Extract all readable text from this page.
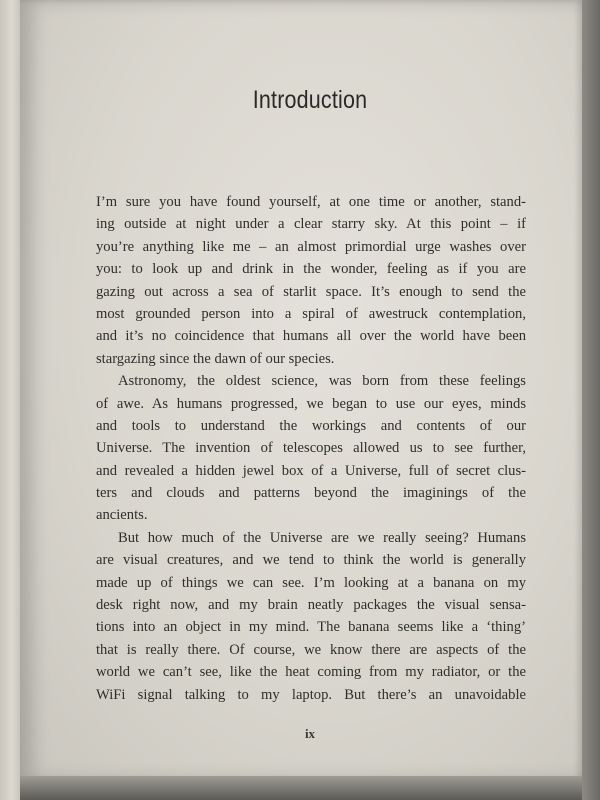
Introduction
I’m sure you have found yourself, at one time or another, stand-
ing outside at night under a clear starry sky. At this point – if
you’re anything like me – an almost primordial urge washes over
you: to look up and drink in the wonder, feeling as if you are
gazing out across a sea of starlit space. It’s enough to send the
most grounded person into a spiral of awestruck contemplation,
and it’s no coincidence that humans all over the world have been
stargazing since the dawn of our species.
Astronomy, the oldest science, was born from these feelings
of awe. As humans progressed, we began to use our eyes, minds
and tools to understand the workings and contents of our
Universe. The invention of telescopes allowed us to see further,
and revealed a hidden jewel box of a Universe, full of secret clus-
ters and clouds and patterns beyond the imaginings of the
ancients.
But how much of the Universe are we really seeing? Humans
are visual creatures, and we tend to think the world is generally
made up of things we can see. I’m looking at a banana on my
desk right now, and my brain neatly packages the visual sensa-
tions into an object in my mind. The banana seems like a ‘thing’
that is really there. Of course, we know there are aspects of the
world we can’t see, like the heat coming from my radiator, or the
WiFi signal talking to my laptop. But there’s an unavoidable
ix
